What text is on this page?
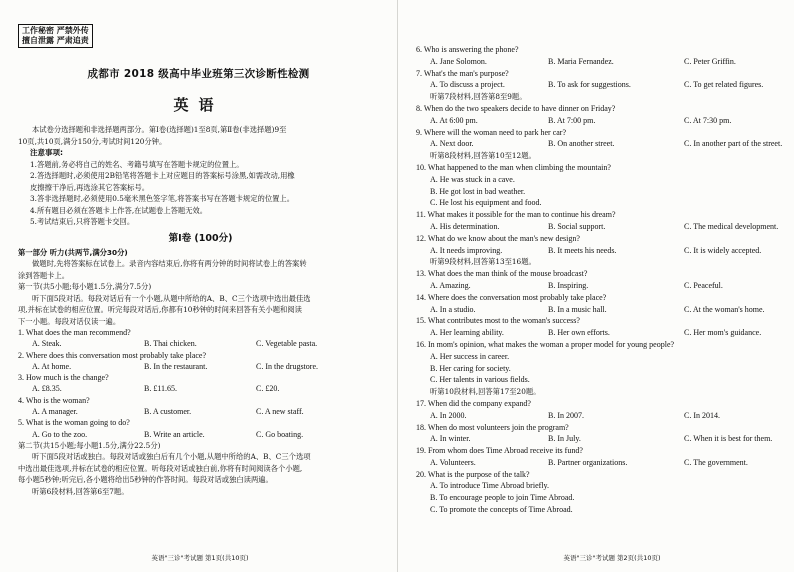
工作秘密 严禁外传
擅自泄露 严肃追责
成都市 2018 级高中毕业班第三次诊断性检测
英语
本试卷分选择题和非选择题两部分。第Ⅰ卷(选择题)1至8页,第Ⅱ卷(非选择题)9至
10页,共10页,满分150分,考试时间120分钟。
注意事项:
1.答题前,务必将自己的姓名、考籍号填写在答题卡规定的位置上。
2.答选择题时,必须使用2B铅笔将答题卡上对应题目的答案标号涂黑,如需改动,用橡
皮擦擦干净后,再选涂其它答案标号。
3.答非选择题时,必须使用0.5毫米黑色签字笔,将答案书写在答题卡规定的位置上。
4.所有题目必须在答题卡上作答,在试题卷上答题无效。
5.考试结束后,只将答题卡交回。
第Ⅰ卷 (100分)
第一部分 听力(共两节,满分30分)
做题时,先将答案标在试卷上。录音内容结束后,你将有两分钟的时间将试卷上的答案转
涂到答题卡上。
第一节(共5小题;每小题1.5分,满分7.5分)
听下面5段对话。每段对话后有一个小题,从题中所给的A、B、C三个选项中选出最佳选
项,并标在试卷的相应位置。听完每段对话后,你都有10秒钟的时间来回答有关小题和阅读
下一小题。每段对话仅读一遍。
1. What does the man recommend?
A. Steak.	B. Thai chicken.	C. Vegetable pasta.
2. Where does this conversation most probably take place?
A. At home.	B. In the restaurant.	C. In the drugstore.
3. How much is the change?
A. £8.35.	B. £11.65.	C. £20.
4. Who is the woman?
A. A manager.	B. A customer.	C. A new staff.
5. What is the woman going to do?
A. Go to the zoo.	B. Write an article.	C. Go boating.
第二节(共15小题;每小题1.5分,满分22.5分)
听下面5段对话或独白。每段对话或独白后有几个小题,从题中所给的A、B、C三个选项
中选出最佳选项,并标在试卷的相应位置。听每段对话或独白前,你将有时间阅读各个小题,
每小题5秒钟;听完后,各小题将给出5秒钟的作答时间。每段对话或独白读两遍。
听第6段材料,回答第6至7题。
6. Who is answering the phone?
A. Jane Solomon.	B. Maria Fernandez.	C. Peter Griffin.
7. What's the man's purpose?
A. To discuss a project.	B. To ask for suggestions.	C. To get related figures.
听第7段材料,回答第8至9题。
8. When do the two speakers decide to have dinner on Friday?
A. At 6:00 pm.	B. At 7:00 pm.	C. At 7:30 pm.
9. Where will the woman need to park her car?
A. Next door.	B. On another street.	C. In another part of the street.
听第8段材料,回答第10至12题。
10. What happened to the man when climbing the mountain?
A. He was stuck in a cave.
B. He got lost in bad weather.
C. He lost his equipment and food.
11. What makes it possible for the man to continue his dream?
A. His determination.	B. Social support.	C. The medical development.
12. What do we know about the man's new design?
A. It needs improving.	B. It meets his needs.	C. It is widely accepted.
听第9段材料,回答第13至16题。
13. What does the man think of the mouse broadcast?
A. Amazing.	B. Inspiring.	C. Peaceful.
14. Where does the conversation most probably take place?
A. In a studio.	B. In a music hall.	C. At the woman's home.
15. What contributes most to the woman's success?
A. Her learning ability.	B. Her own efforts.	C. Her mom's guidance.
16. In mom's opinion, what makes the woman a proper model for young people?
A. Her success in career.
B. Her caring for society.
C. Her talents in various fields.
听第10段材料,回答第17至20题。
17. When did the company expand?
A. In 2000.	B. In 2007.	C. In 2014.
18. When do most volunteers join the program?
A. In winter.	B. In July.	C. When it is best for them.
19. From whom does Time Abroad receive its fund?
A. Volunteers.	B. Partner organizations.	C. The government.
20. What is the purpose of the talk?
A. To introduce Time Abroad briefly.
B. To encourage people to join Time Abroad.
C. To promote the concepts of Time Abroad.
英语"三诊"考试题 第1页(共10页)	英语"三诊"考试题 第2页(共10页)
